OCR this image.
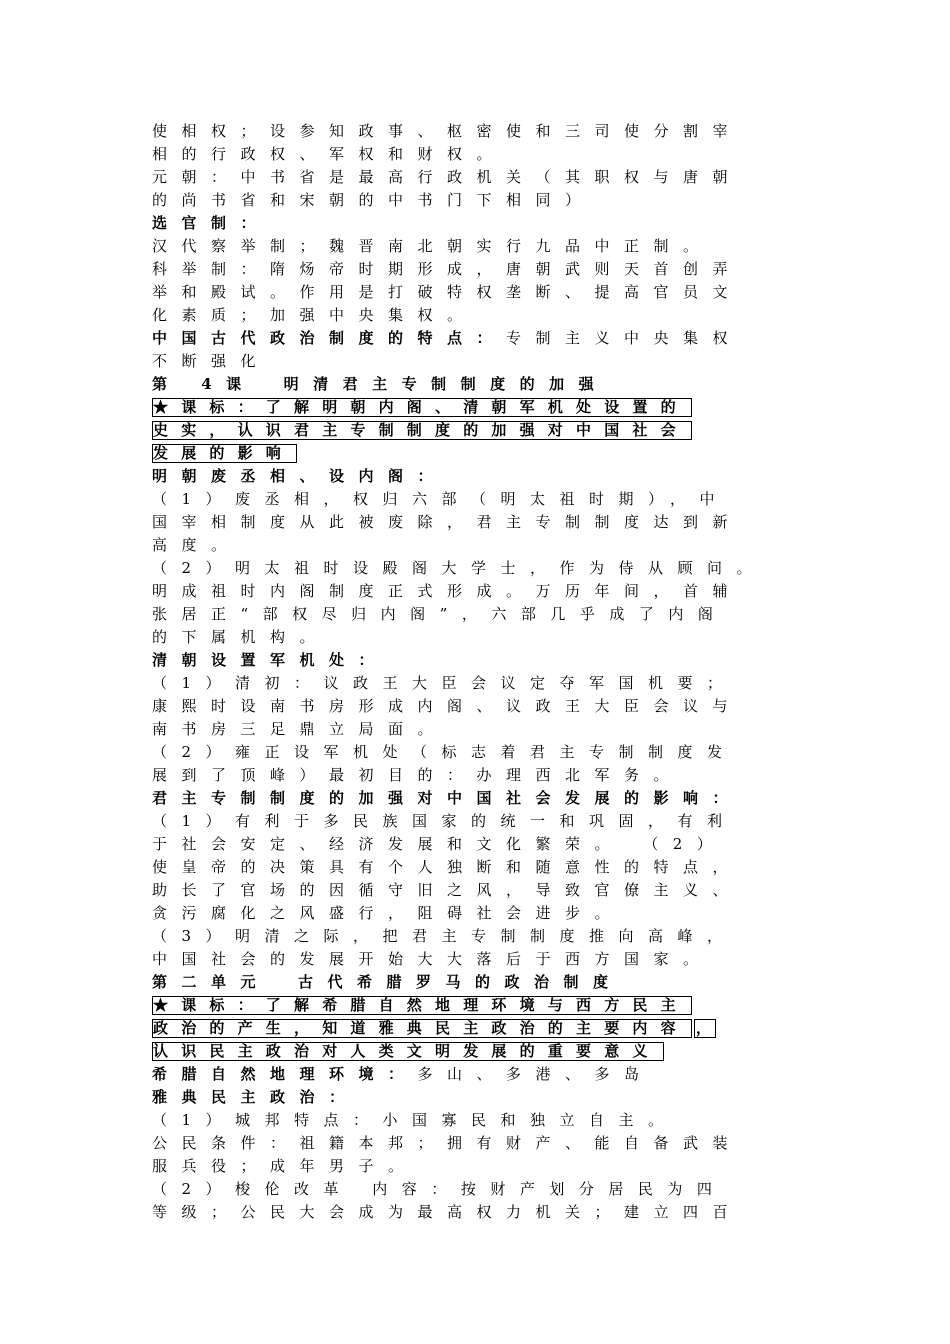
使相权；设参知政事、枢密使和三司使分割宰
相的行政权、军权和财权。
元朝：中书省是最高行政机关（其职权与唐朝
的尚书省和宋朝的中书门下相同）
选官制：
汉代察举制；魏晋南北朝实行九品中正制。
科举制：隋炀帝时期形成，唐朝武则天首创弄
举和殿试。作用是打破特权垄断、提高官员文
化素质；加强中央集权。
中国古代政治制度的特点：专制主义中央集权
不断强化
第 4课 明清君主专制制度的加强
★课标：了解明朝内阁、清朝军机处设置的
史实，认识君主专制制度的加强对中国社会
发展的影响
明朝废丞相、设内阁：
（1）废丞相，权归六部（明太祖时期），中
国宰相制度从此被废除，君主专制制度达到新
高度。
（2）明太祖时设殿阁大学士，作为侍从顾问。
明成祖时内阁制度正式形成。万历年间，首辅
张居正“部权尽归内阁”，六部几乎成了内阁
的下属机构。
清朝设置军机处：
（1）清初：议政王大臣会议定夺军国机要；
康熙时设南书房形成内阁、议政王大臣会议与
南书房三足鼎立局面。
（2）雍正设军机处（标志着君主专制制度发
展到了顶峰）最初目的：办理西北军务。
君主专制制度的加强对中国社会发展的影响：
（1）有利于多民族国家的统一和巩固，有利
于社会安定、经济发展和文化繁荣。 （2）
使皇帝的决策具有个人独断和随意性的特点，
助长了官场的因循守旧之风，导致官僚主义、
贪污腐化之风盛行，阻碍社会进步。
（3）明清之际，把君主专制制度推向高峰，
中国社会的发展开始大大落后于西方国家。
第二单元 古代希腊罗马的政治制度
★课标：了解希腊自然地理环境与西方民主
政治的产生，知道雅典民主政治的主要内容 ，
认识民主政治对人类文明发展的重要意义
希腊自然地理环境：多山、多港、多岛
雅典民主政治：
（1）城邦特点：小国寡民和独立自主。
公民条件：祖籍本邦；拥有财产、能自备武装
服兵役；成年男子。
（2）梭伦改革 内容：按财产划分居民为四
等级；公民大会成为最高权力机关；建立四百
